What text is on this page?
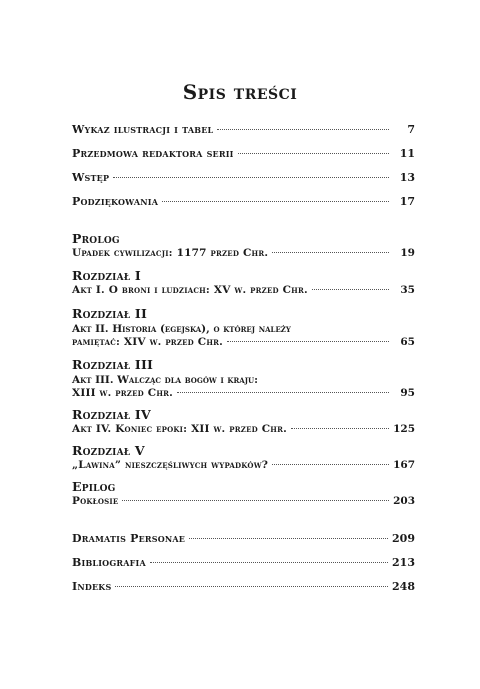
Spis treści
Wykaz ilustracji i tabel	7
Przedmowa redaktora serii	11
Wstęp	13
Podziękowania	17
Prolog
Upadek cywilizacji: 1177 przed Chr.	19
Rozdział I
Akt I. O broni i ludziach: XV w. przed Chr.	35
Rozdział II
Akt II. Historia (egejska), o której należy
pamiętać: XIV w. przed Chr.	65
Rozdział III
Akt III. Walcząc dla bogów i kraju:
XIII w. przed Chr.	95
Rozdział IV
Akt IV. Koniec epoki: XII w. przed Chr.	125
Rozdział V
„Lawina” nieszczęśliwych wypadków?	167
Epilog
Pokłosie	203
Dramatis Personae	209
Bibliografia	213
Indeks	248
